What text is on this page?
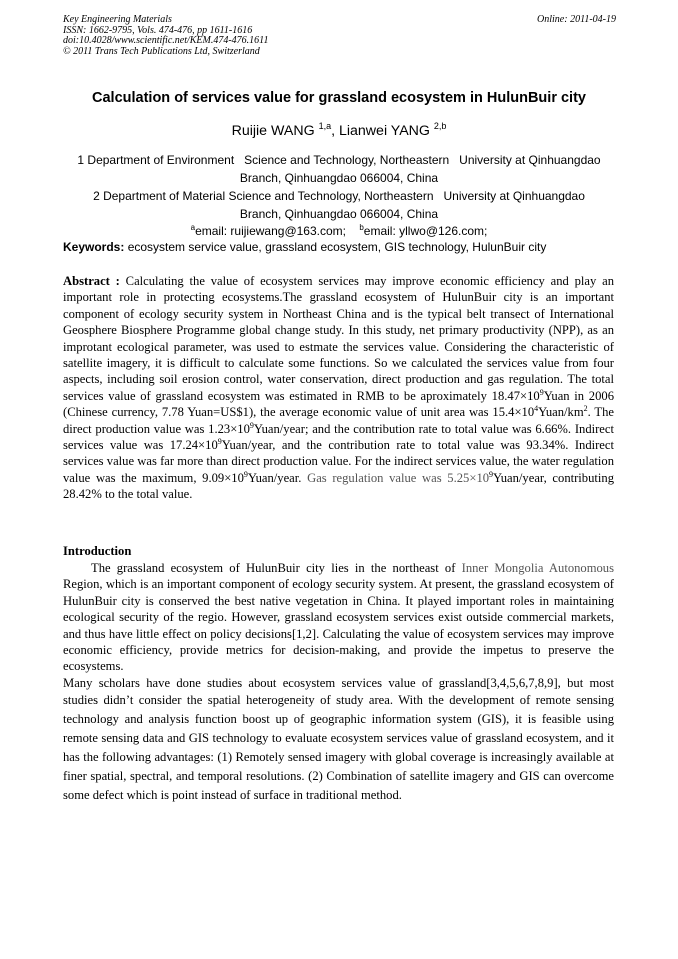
Key Engineering Materials
ISSN: 1662-9795, Vols. 474-476, pp 1611-1616
doi:10.4028/www.scientific.net/KEM.474-476.1611
© 2011 Trans Tech Publications Ltd, Switzerland
Online: 2011-04-19
Calculation of services value for grassland ecosystem in HulunBuir city
Ruijie WANG $^{1,a}$, Lianwei YANG $^{2,b}$
1 Department of Environment   Science and Technology, Northeastern   University at Qinhuangdao
Branch, Qinhuangdao 066004, China
2 Department of Material Science and Technology, Northeastern   University at Qinhuangdao
Branch, Qinhuangdao 066004, China
$^a$email: ruijiewang@163.com; $^b$email: yllwo@126.com;
Keywords: ecosystem service value, grassland ecosystem, GIS technology, HulunBuir city
Abstract : Calculating the value of ecosystem services may improve economic efficiency and play an important role in protecting ecosystems.The grassland ecosystem of HulunBuir city is an important component of ecology security system in Northeast China and is the typical belt transect of International Geosphere Biosphere Programme global change study. In this study, net primary productivity (NPP), as an improtant ecological parameter, was used to estmate the services value. Considering the characteristic of satellite imagery, it is difficult to calculate some functions. So we calculated the services value from four aspects, including soil erosion control, water conservation, direct production and gas regulation. The total services value of grassland ecosystem was estimated in RMB to be aproximately $18.47\times 10^9Yuan$ in 2006 (Chinese currency, 7.78 Yuan=US$1), the average economic value of unit area was $15.4\times 10^4Yuan/km^2$. The direct production value was $1.23\times 10^9Yuan$/year; and the contribution rate to total value was 6.66%. Indirect services value was $17.24\times 10^9Yuan$/year, and the contribution rate to total value was 93.34%. Indirect services value was far more than direct production value. For the indirect services value, the water regulation value was the maximum, $9.09\times 10^9Yuan$/year. Gas regulation value was $5.25\times 10^9Yuan$/year, contributing 28.42% to the total value.
Introduction

The grassland ecosystem of HulunBuir city lies in the northeast of Inner Mongolia Autonomous Region, which is an important component of ecology security system. At present, the grassland ecosystem of HulunBuir city is conserved the best native vegetation in China. It played important roles in maintaining ecological security of the regio. However, grassland ecosystem services exist outside commercial markets, and thus have little effect on policy decisions[1,2]. Calculating the value of ecosystem services may improve economic efficiency, provide metrics for decision-making, and provide the impetus to preserve the ecosystems.

Many scholars have done studies about ecosystem services value of grassland[3,4,5,6,7,8,9], but most studies didn’t consider the spatial heterogeneity of study area. With the development of remote sensing technology and analysis function boost up of geographic information system (GIS), it is feasible using remote sensing data and GIS technology to evaluate ecosystem services value of grassland ecosystem, and it has the following advantages: (1) Remotely sensed imagery with global coverage is increasingly available at finer spatial, spectral, and temporal resolutions. (2) Combination of satellite imagery and GIS can overcome some defect which is point instead of surface in traditional method.
